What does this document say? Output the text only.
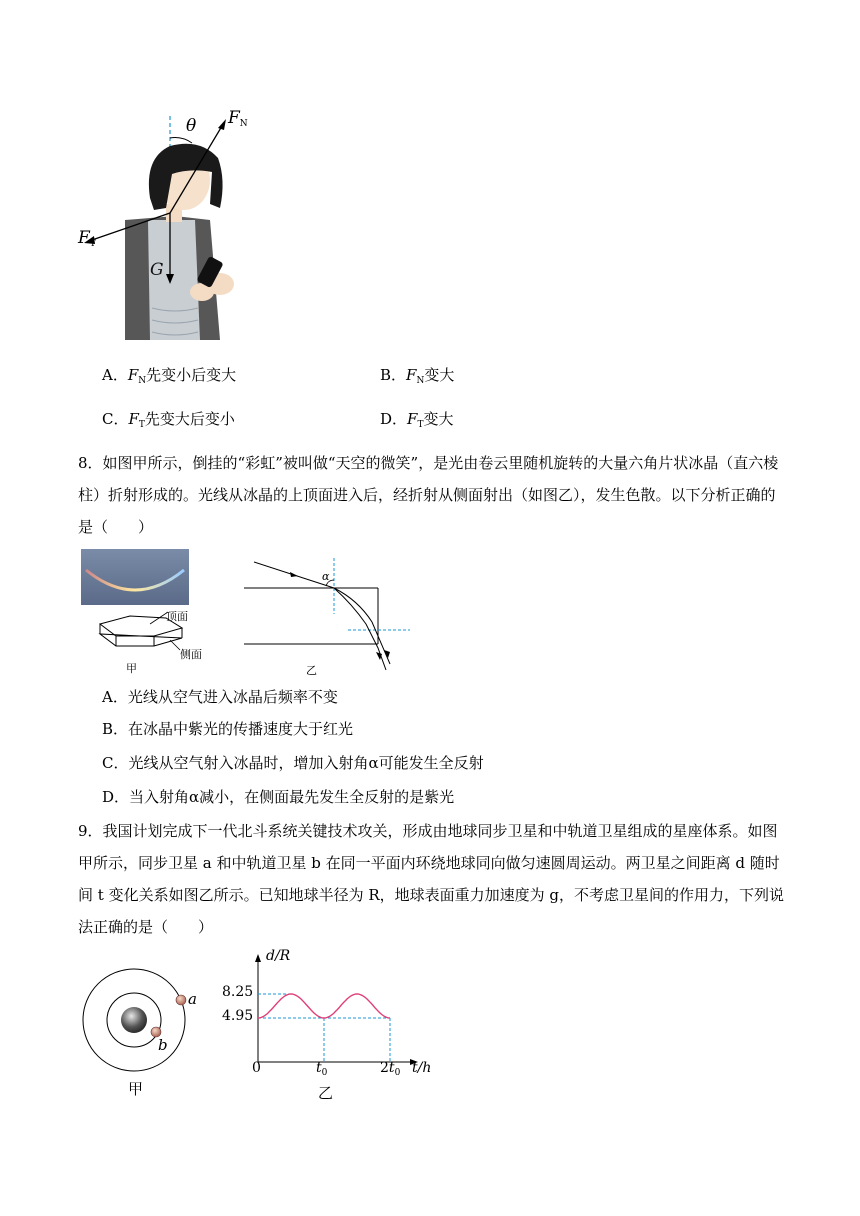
θ $F_N$
$F_T$
G
A．$F_N$先变小后变大	B．$F_N$变大
C．$F_T$先变大后变小	D．$F_T$变大
8．如图甲所示，倒挂的“彩虹”被叫做“天空的微笑”，是光由卷云里随机旋转的大量六角片状冰晶（直六棱
柱）折射形成的。光线从冰晶的上顶面进入后，经折射从侧面射出（如图乙），发生色散。以下分析正确的
是（　　）
顶面
侧面
甲
α
乙
A．光线从空气进入冰晶后频率不变
B．在冰晶中紫光的传播速度大于红光
C．光线从空气射入冰晶时，增加入射角α可能发生全反射
D．当入射角α减小，在侧面最先发生全反射的是紫光
9．我国计划完成下一代北斗系统关键技术攻关，形成由地球同步卫星和中轨道卫星组成的星座体系。如图
甲所示，同步卫星 a 和中轨道卫星 b 在同一平面内环绕地球同向做匀速圆周运动。两卫星之间距离 d 随时
间 t 变化关系如图乙所示。已知地球半径为 R，地球表面重力加速度为 g，不考虑卫星间的作用力，下列说
法正确的是（　　）
a
b
甲
d/R
8.25
4.95
0	$t_0$	$2t_0$ t/h
乙
